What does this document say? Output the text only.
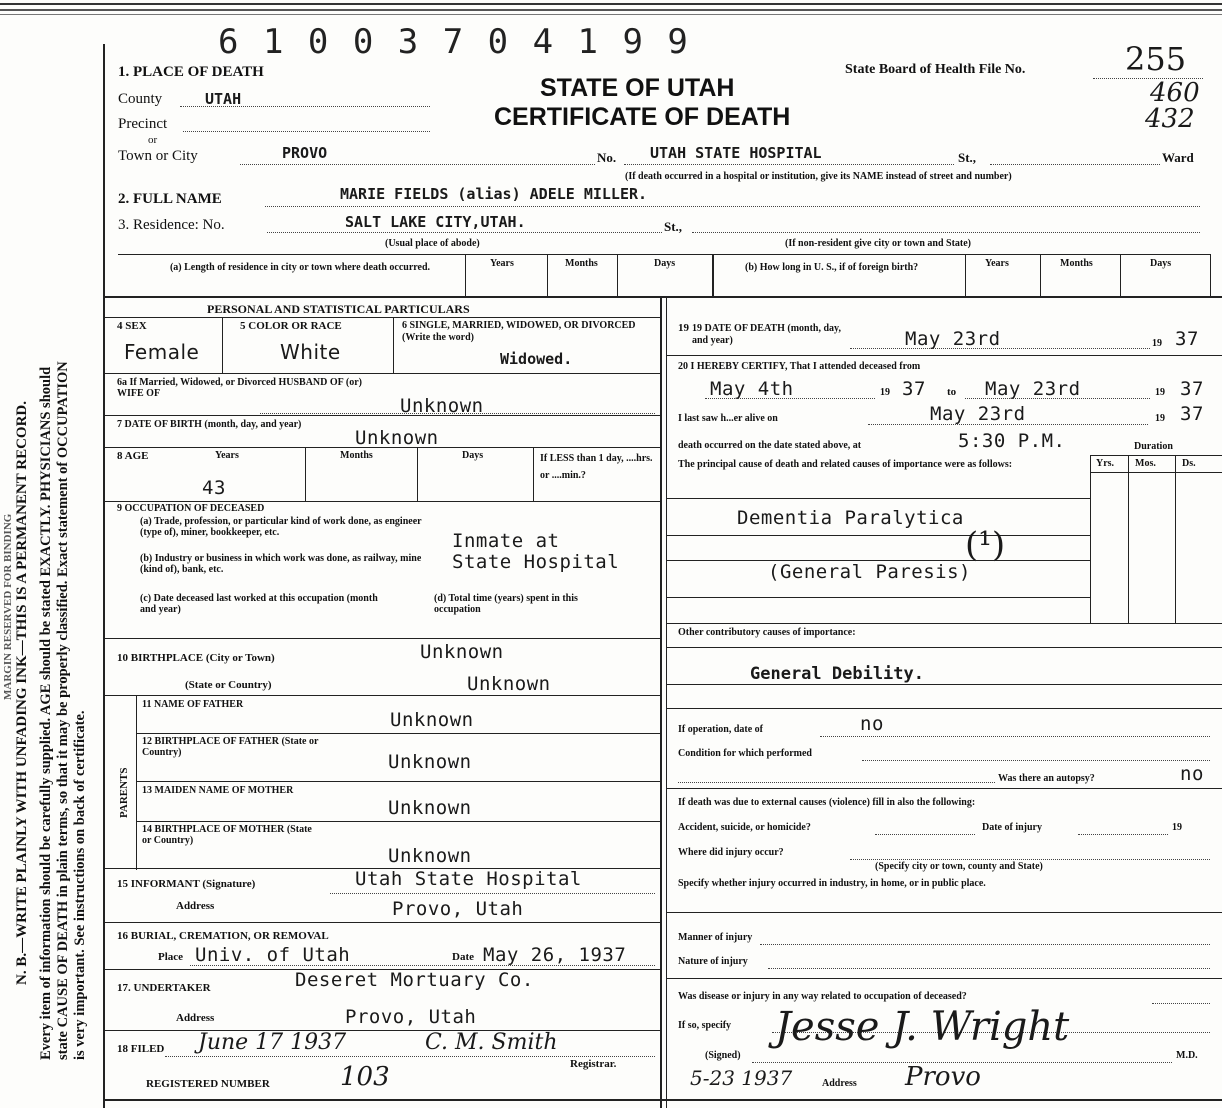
MARGIN RESERVED FOR BINDING N. B.—WRITE PLAINLY WITH UNFADING INK—THIS IS A PERMANENT RECORD. Every item of information should be carefully supplied. AGE should be stated EXACTLY. PHYSICIANS should state CAUSE OF DEATH in plain terms, so that it may be properly classified. Exact statement of OCCUPATION is very important. See instructions on back of certificate.
6 1 0 0 3 7 0 4 1 9 9
STATE OF UTAH
CERTIFICATE OF DEATH
State Board of Health File No.	255
460
432
1. PLACE OF DEATH
County	UTAH
Precinct
or
Town or City	PROVO	No. UTAH STATE HOSPITAL	St.,	Ward
(If death occurred in a hospital or institution, give its NAME instead of street and number)
2. FULL NAME	MARIE FIELDS (alias) ADELE MILLER.
3. Residence: No.	SALT LAKE CITY,UTAH.	St.,
(Usual place of abode)	(If non-resident give city or town and State)
(a) Length of residence in city or town where death occurred.	Years	Months	Days	(b) How long in U. S., if of foreign birth?	Years	Months	Days
PERSONAL AND STATISTICAL PARTICULARS
4 SEX
Female
5 COLOR OR RACE
White
6 SINGLE, MARRIED, WIDOWED, OR DIVORCED (Write the word)
Widowed.
6a If Married, Widowed, or Divorced HUSBAND OF (or) WIFE OF
Unknown
7 DATE OF BIRTH (month, day, and year)
Unknown
8 AGE	Years	Months	Days	If LESS than 1 day, ....hrs. or ....min.?
43
9 OCCUPATION OF DECEASED
(a) Trade, profession, or particular kind of work done, as engineer (type of), miner, bookkeeper, etc.	Inmate at
(b) Industry or business in which work was done, as railway, mine (kind of), bank, etc.	State Hospital
(c) Date deceased last worked at this occupation (month and year)
(d) Total time (years) spent in this occupation
10 BIRTHPLACE (City or Town)	Unknown
(State or Country)	Unknown
PARENTS
11 NAME OF FATHER
Unknown
12 BIRTHPLACE OF FATHER (State or Country)	Unknown
13 MAIDEN NAME OF MOTHER
Unknown
14 BIRTHPLACE OF MOTHER (State or Country)
Unknown
15 INFORMANT (Signature)	Utah State Hospital
Address	Provo, Utah
16 BURIAL, CREMATION, OR REMOVAL
Place Univ. of Utah	Date May 26, 1937
17. UNDERTAKER	Deseret Mortuary Co.
Address	Provo, Utah
18 FILED June 17 1937	C. M. Smith
Registrar.
REGISTERED NUMBER	103
19 19 DATE OF DEATH (month, day, and year)	May 23rd	19 37
20 I HEREBY CERTIFY, That I attended deceased from
May 4th	19 37 to May 23rd	19 37
I last saw h...er alive on	May 23rd	19 37
death occurred on the date stated above, at	5:30 P.M.	Duration
The principal cause of death and related causes of importance were as follows:	Yrs. Mos.	Ds.
Dementia Paralytica
(¹)
(General Paresis)
Other contributory causes of importance:
General Debility.
If operation, date of	no
Condition for which performed
Was there an autopsy?	no
If death was due to external causes (violence) fill in also the following:
Accident, suicide, or homicide?	Date of injury	19
Where did injury occur?
(Specify city or town, county and State)
Specify whether injury occurred in industry, in home, or in public place.
Manner of injury
Nature of injury
Was disease or injury in any way related to occupation of deceased?
If so, specify
(Signed)
Jesse J. Wright
M.D.
5-23 1937	Address Provo
